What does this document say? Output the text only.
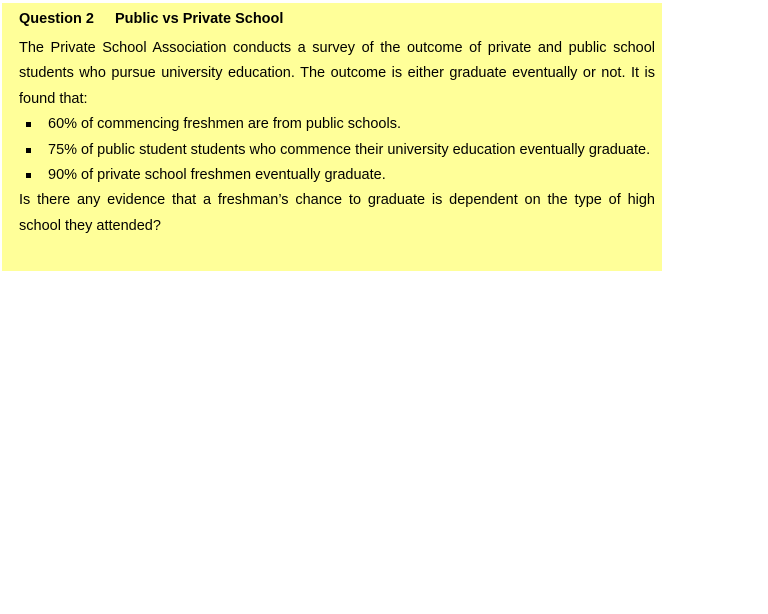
Question 2 Public vs Private School

The Private School Association conducts a survey of the outcome of private and public school students who pursue university education. The outcome is either graduate eventually or not. It is found that:

60% of commencing freshmen are from public schools.
75% of public student students who commence their university education eventually graduate.
90% of private school freshmen eventually graduate.

Is there any evidence that a freshman’s chance to graduate is dependent on the type of high school they attended?
